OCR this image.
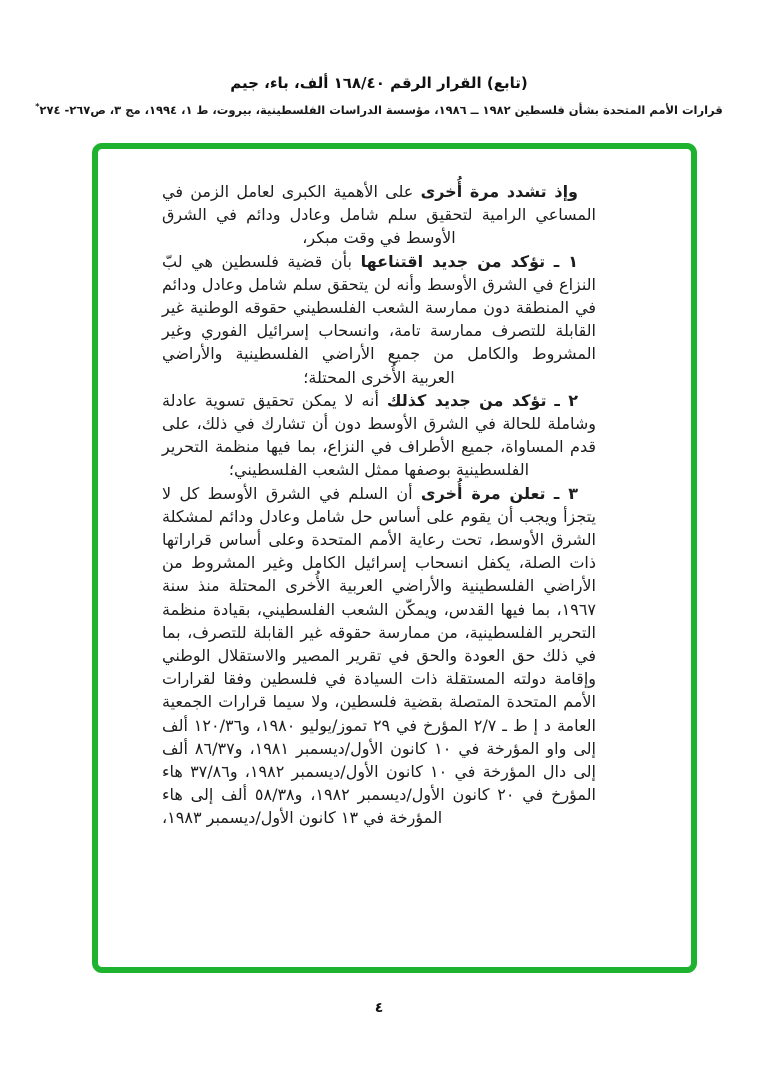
(تابع) القرار الرقم ١٦٨/٤٠ ألف، باء، جيم
قرارات الأمم المتحدة بشأن فلسطين ١٩٨٢ ــ ١٩٨٦، مؤسسة الدراسات الفلسطينية، بيروت، ط ١، ١٩٩٤، مج ٣، ص٢٦٧- ٢٧٤*

وإذ تشدد مرة أُخرى على الأهمية الكبرى لعامل الزمن في المساعي الرامية لتحقيق سلم شامل وعادل ودائم في الشرق الأوسط في وقت مبكر،

١ ـ تؤكد من جديد اقتناعها بأن قضية فلسطين هي لبّ النزاع في الشرق الأوسط وأنه لن يتحقق سلم شامل وعادل ودائم في المنطقة دون ممارسة الشعب الفلسطيني حقوقه الوطنية غير القابلة للتصرف ممارسة تامة، وانسحاب إسرائيل الفوري وغير المشروط والكامل من جميع الأراضي الفلسطينية والأراضي العربية الأُخرى المحتلة؛

٢ ـ تؤكد من جديد كذلك أنه لا يمكن تحقيق تسوية عادلة وشاملة للحالة في الشرق الأوسط دون أن تشارك في ذلك، على قدم المساواة، جميع الأطراف في النزاع، بما فيها منظمة التحرير الفلسطينية بوصفها ممثل الشعب الفلسطيني؛

٣ ـ تعلن مرة أُخرى أن السلم في الشرق الأوسط كل لا يتجزأ ويجب أن يقوم على أساس حل شامل وعادل ودائم لمشكلة الشرق الأوسط، تحت رعاية الأمم المتحدة وعلى أساس قراراتها ذات الصلة، يكفل انسحاب إسرائيل الكامل وغير المشروط من الأراضي الفلسطينية والأراضي العربية الأُخرى المحتلة منذ سنة ١٩٦٧، بما فيها القدس، ويمكّن الشعب الفلسطيني، بقيادة منظمة التحرير الفلسطينية، من ممارسة حقوقه غير القابلة للتصرف، بما في ذلك حق العودة والحق في تقرير المصير والاستقلال الوطني وإقامة دولته المستقلة ذات السيادة في فلسطين وفقا لقرارات الأمم المتحدة المتصلة بقضية فلسطين، ولا سيما قرارات الجمعية العامة د إ ط ـ ٢/٧ المؤرخ في ٢٩ تموز/يوليو ١٩٨٠، و١٢٠/٣٦ ألف إلى واو المؤرخة في ١٠ كانون الأول/ديسمبر ١٩٨١، و٨٦/٣٧ ألف إلى دال المؤرخة في ١٠ كانون الأول/ديسمبر ١٩٨٢، و٣٧/٨٦ هاء المؤرخ في ٢٠ كانون الأول/ديسمبر ١٩٨٢، و٥٨/٣٨ ألف إلى هاء المؤرخة في ١٣ كانون الأول/ديسمبر ١٩٨٣،

٤
